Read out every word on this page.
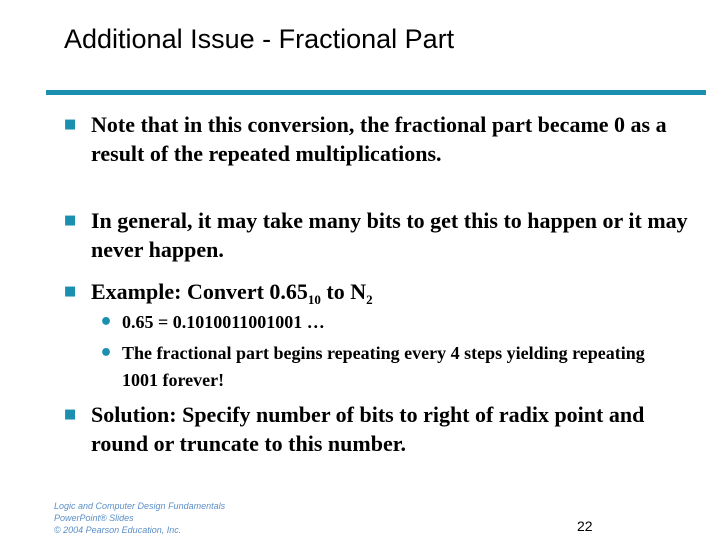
Additional Issue - Fractional Part
■ Note that in this conversion, the fractional part became 0 as a result of the repeated multiplications.
■ In general, it may take many bits to get this to happen or it may never happen.
■ Example: Convert $0.65_{10}$ to $N_2$
• 0.65 = 0.1010011001001 …
• The fractional part begins repeating every 4 steps yielding repeating 1001 forever!
■ Solution: Specify number of bits to right of radix point and round or truncate to this number.
Logic and Computer Design Fundamentals
PowerPoint® Slides
© 2004 Pearson Education, Inc.	22
